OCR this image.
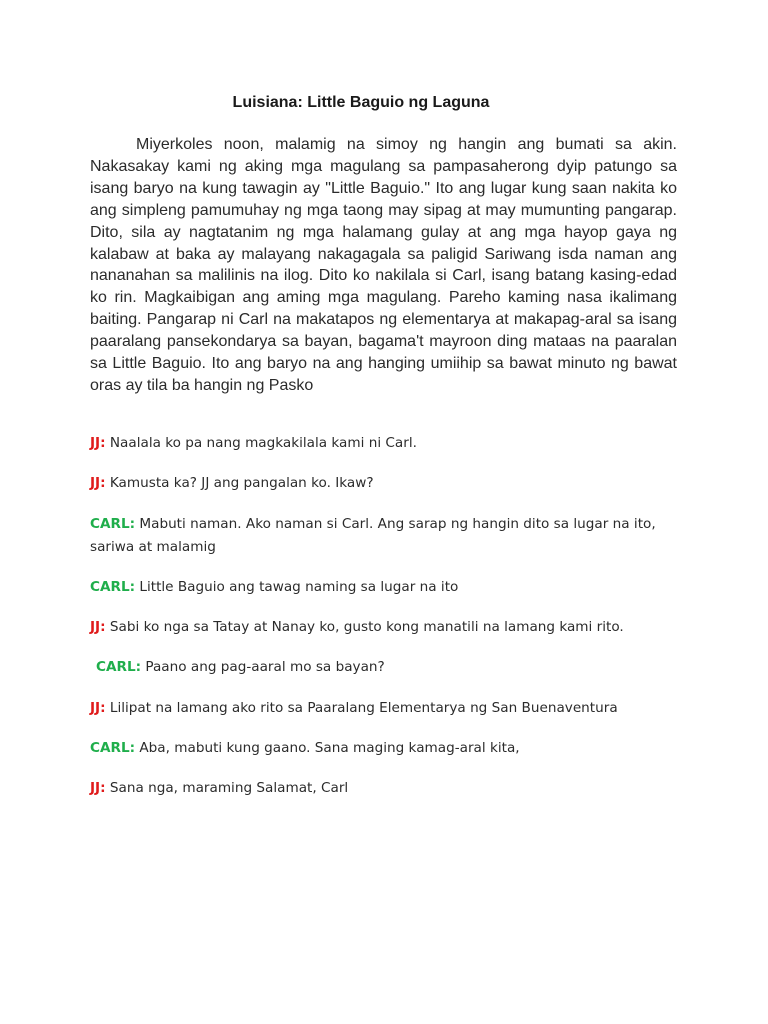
Luisiana: Little Baguio ng Laguna

Miyerkoles noon, malamig na simoy ng hangin ang bumati sa akin. Nakasakay kami ng aking mga magulang sa pampasaherong dyip patungo sa isang baryo na kung tawagin ay "Little Baguio." Ito ang lugar kung saan nakita ko ang simpleng pamumuhay ng mga taong may sipag at may mumunting pangarap. Dito, sila ay nagtatanim ng mga halamang gulay at ang mga hayop gaya ng kalabaw at baka ay malayang nakagagala sa paligid Sariwang isda naman ang nananahan sa malilinis na ilog. Dito ko nakilala si Carl, isang batang kasing-edad ko rin. Magkaibigan ang aming mga magulang. Pareho kaming nasa ikalimang baiting. Pangarap ni Carl na makatapos ng elementarya at makapag-aral sa isang paaralang pansekondarya sa bayan, bagama't mayroon ding mataas na paaralan sa Little Baguio. Ito ang baryo na ang hanging umiihip sa bawat minuto ng bawat oras ay tila ba hangin ng Pasko

JJ: Naalala ko pa nang magkakilala kami ni Carl.

JJ: Kamusta ka? JJ ang pangalan ko. Ikaw?

CARL: Mabuti naman. Ako naman si Carl. Ang sarap ng hangin dito sa lugar na ito, sariwa at malamig

CARL: Little Baguio ang tawag naming sa lugar na ito

JJ: Sabi ko nga sa Tatay at Nanay ko, gusto kong manatili na lamang kami rito.

CARL: Paano ang pag-aaral mo sa bayan?

JJ: Lilipat na lamang ako rito sa Paaralang Elementarya ng San Buenaventura

CARL: Aba, mabuti kung gaano. Sana maging kamag-aral kita,

JJ: Sana nga, maraming Salamat, Carl
